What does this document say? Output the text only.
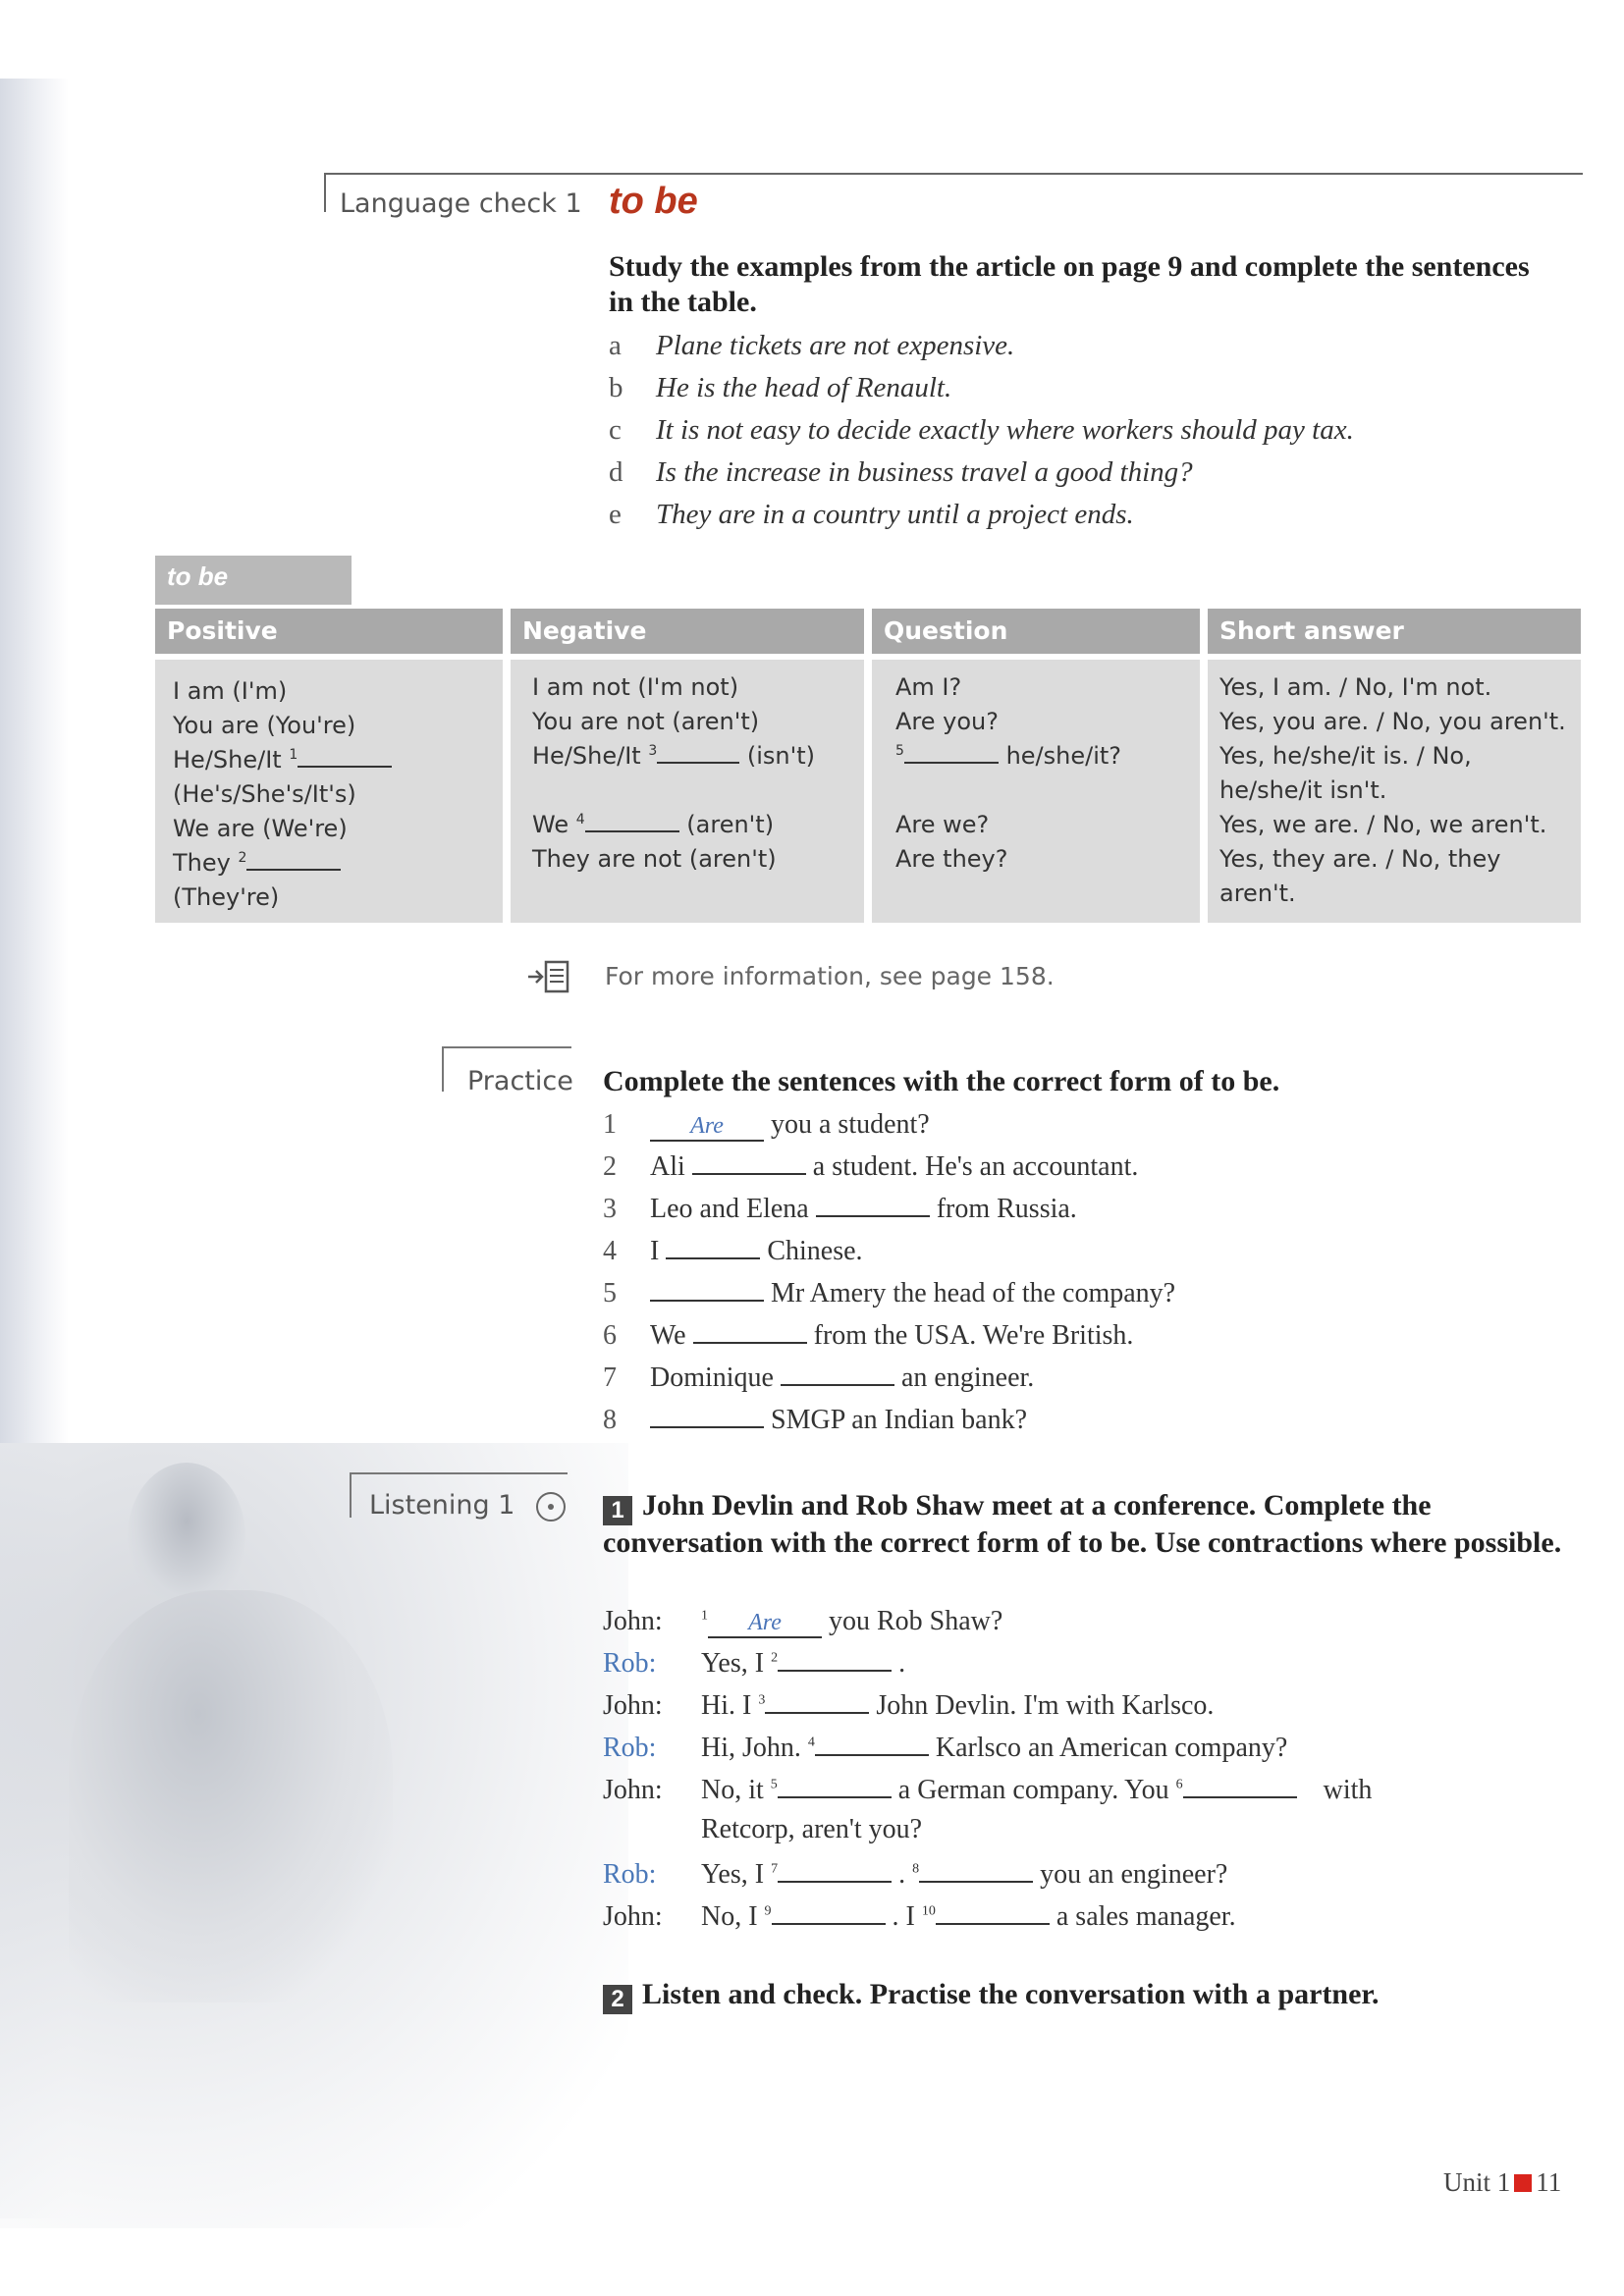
Language check 1 to be
Study the examples from the article on page 9 and complete the sentences in the table.
a Plane tickets are not expensive.
b He is the head of Renault.
c It is not easy to decide exactly where workers should pay tax.
d Is the increase in business travel a good thing?
e They are in a country until a project ends.
to be
Positive
I am (I'm)
You are (You're)
He/She/It $^1$
(He's/She's/It's)
We are (We're)
They $^2$
(They're)
Negative
I am not (I'm not)
You are not (aren't)
He/She/It $^3$	(isn't)
We $^4$	(aren't)
They are not (aren't)
Question
Am I?
Are you?
$^5$	he/she/it?
Are we?
Are they?
Short answer
Yes, I am. / No, I'm not.
Yes, you are. / No, you aren't.
Yes, he/she/it is. / No,
he/she/it isn't.
Yes, we are. / No, we aren't.
Yes, they are. / No, they
aren't.
For more information, see page 158.
Practice Complete the sentences with the correct form of to be.
1	Are you a student?
2 Ali	a student. He's an accountant.
3 Leo and Elena	from Russia.
4 I	Chinese.
5	Mr Amery the head of the company?
6 We	from the USA. We're British.
7 Dominique	an engineer.
8	SMGP an Indian bank?
Listening 1	1 John Devlin and Rob Shaw meet at a conference. Complete the conversation with the correct form of to be. Use contractions where possible.
John:	$^1$ Are you Rob Shaw?
Rob: Yes, I $^2$	.
John: Hi. I $^3$	John Devlin. I'm with Karlsco.
Rob: Hi, John. $^4$	Karlsco an American company?
John: No, it $^5$	a German company. You $^6$	with
Retcorp, aren't you?
Rob: Yes, I $^7$	. $^8$	you an engineer?
John: No, I $^9$	. I $^{10}$	a sales manager.
2 Listen and check. Practise the conversation with a partner.
Unit 1 11
